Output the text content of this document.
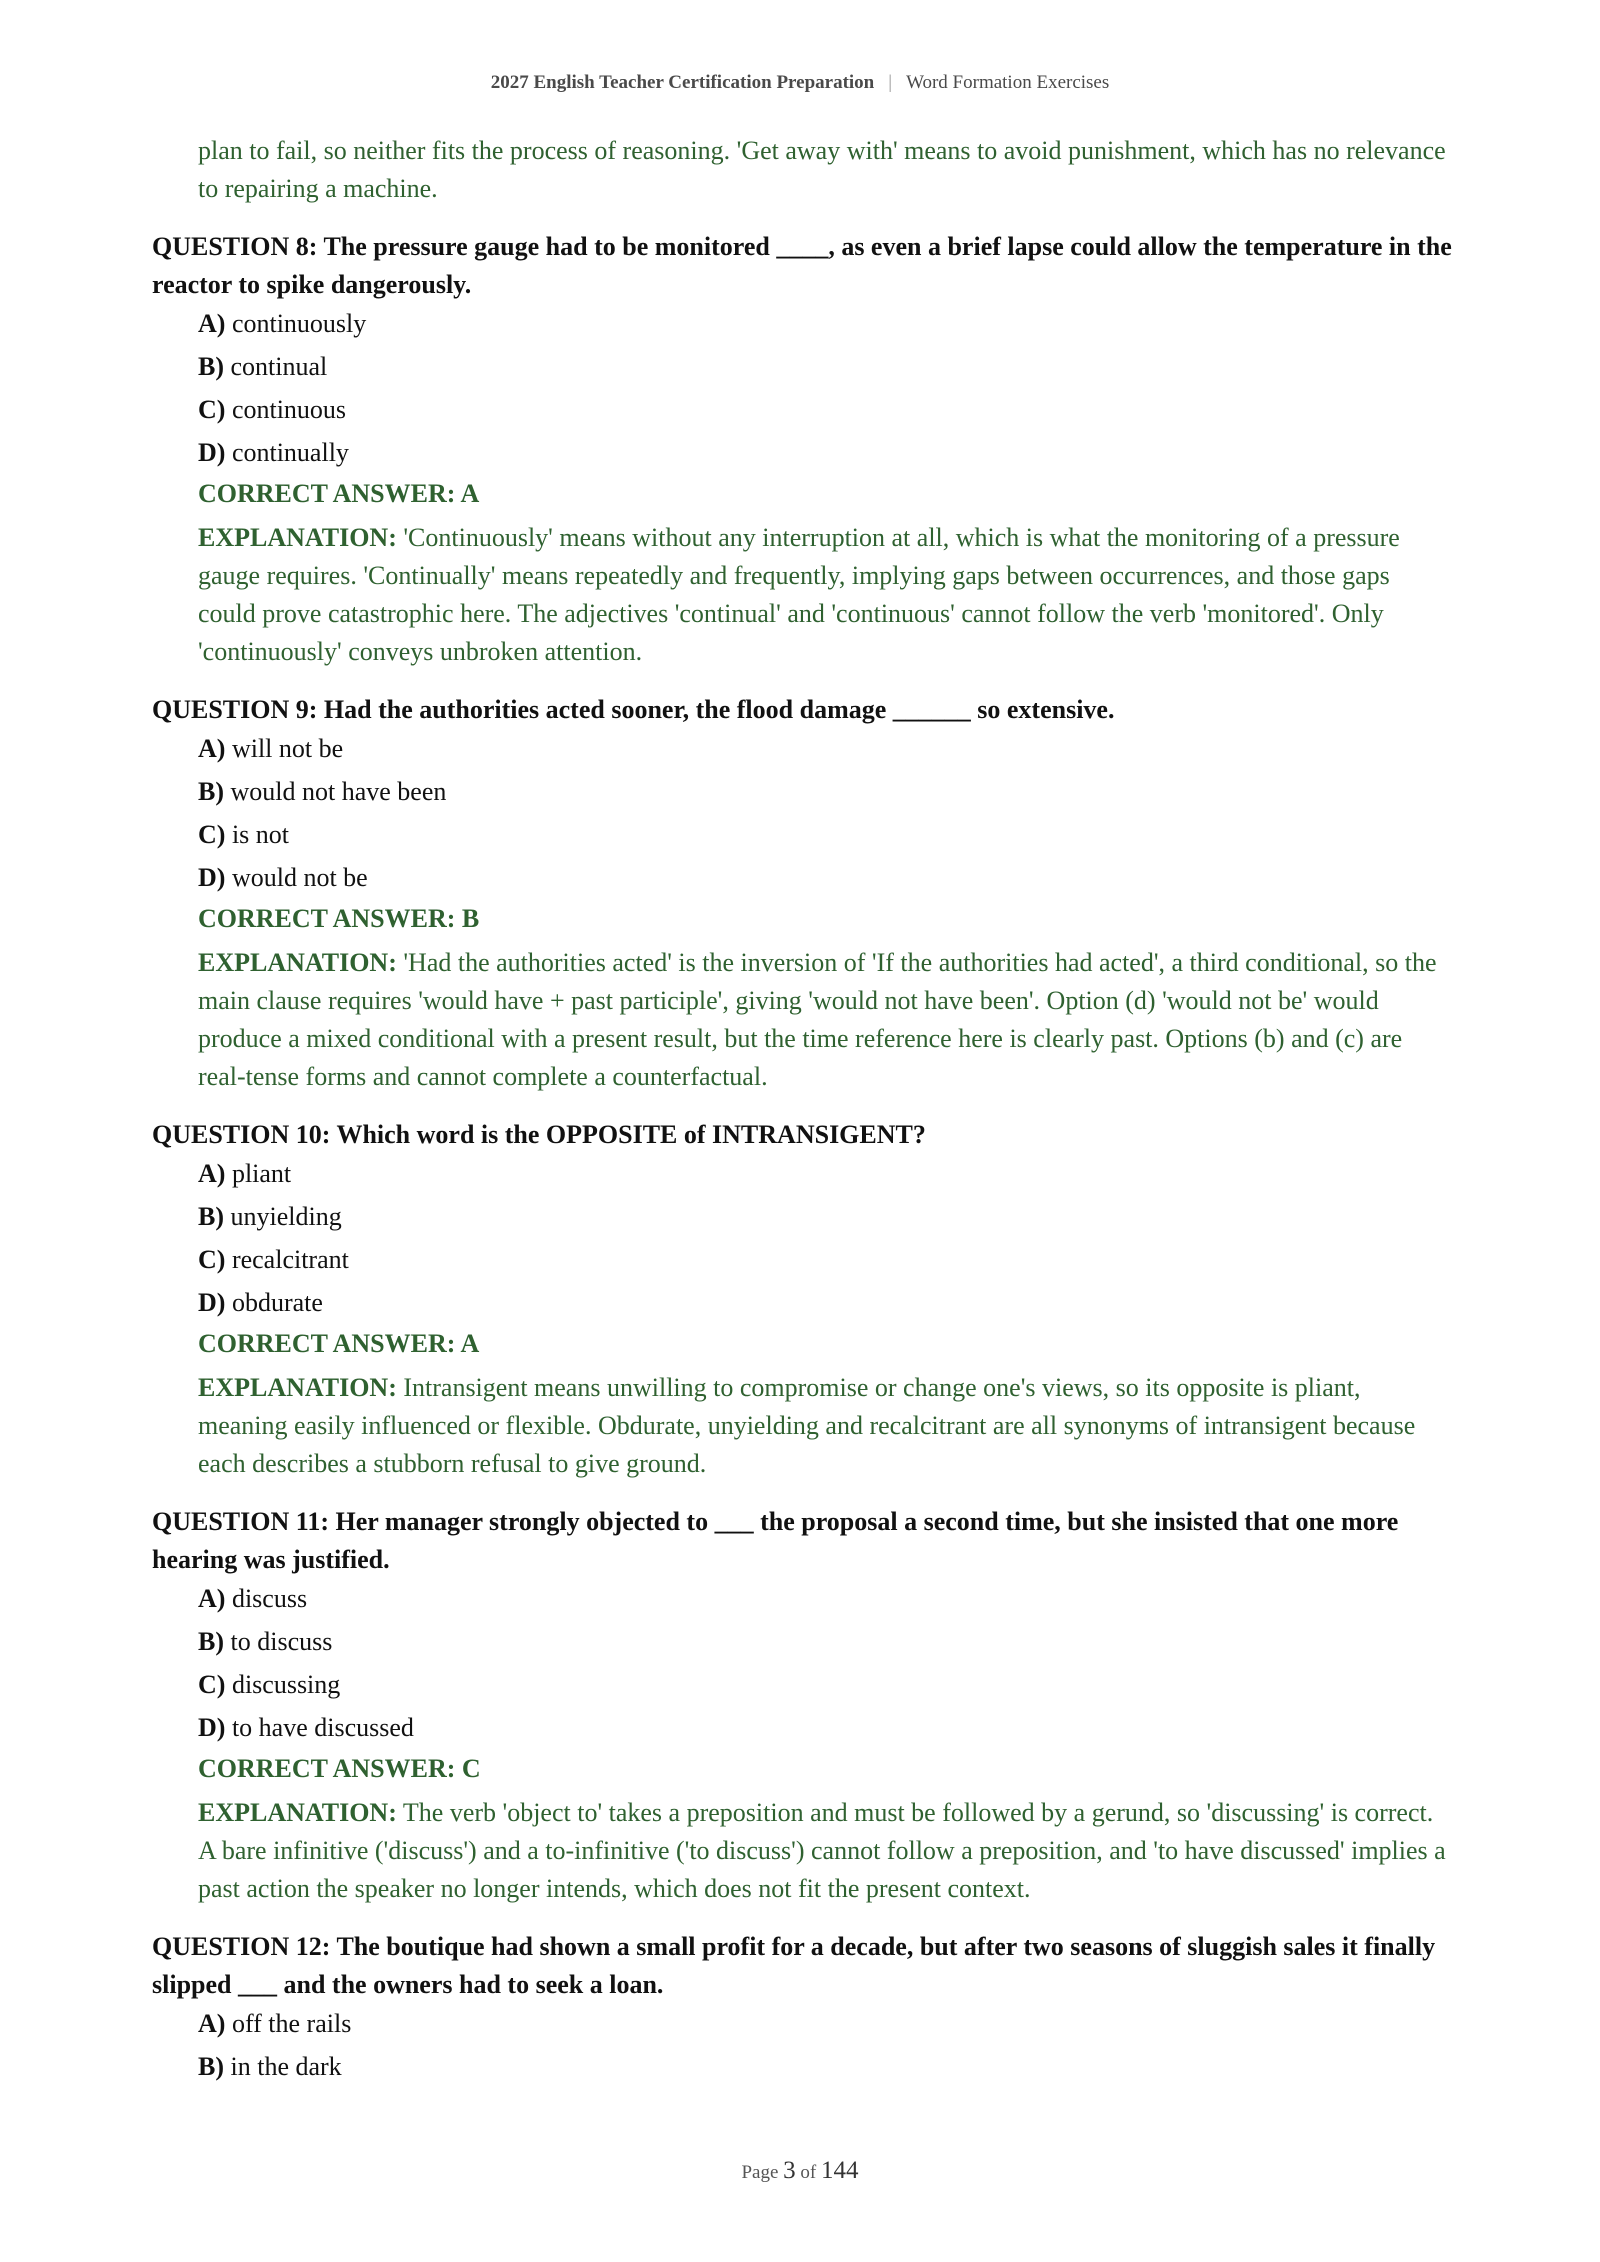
2027 English Teacher Certification Preparation | Word Formation Exercises
plan to fail, so neither fits the process of reasoning. 'Get away with' means to avoid punishment, which has no relevance to repairing a machine.
QUESTION 8: The pressure gauge had to be monitored ____, as even a brief lapse could allow the temperature in the reactor to spike dangerously.
A) continuously
B) continual
C) continuous
D) continually
CORRECT ANSWER: A
EXPLANATION: 'Continuously' means without any interruption at all, which is what the monitoring of a pressure gauge requires. 'Continually' means repeatedly and frequently, implying gaps between occurrences, and those gaps could prove catastrophic here. The adjectives 'continual' and 'continuous' cannot follow the verb 'monitored'. Only 'continuously' conveys unbroken attention.
QUESTION 9: Had the authorities acted sooner, the flood damage ______ so extensive.
A) will not be
B) would not have been
C) is not
D) would not be
CORRECT ANSWER: B
EXPLANATION: 'Had the authorities acted' is the inversion of 'If the authorities had acted', a third conditional, so the main clause requires 'would have + past participle', giving 'would not have been'. Option (d) 'would not be' would produce a mixed conditional with a present result, but the time reference here is clearly past. Options (b) and (c) are real-tense forms and cannot complete a counterfactual.
QUESTION 10: Which word is the OPPOSITE of INTRANSIGENT?
A) pliant
B) unyielding
C) recalcitrant
D) obdurate
CORRECT ANSWER: A
EXPLANATION: Intransigent means unwilling to compromise or change one's views, so its opposite is pliant, meaning easily influenced or flexible. Obdurate, unyielding and recalcitrant are all synonyms of intransigent because each describes a stubborn refusal to give ground.
QUESTION 11: Her manager strongly objected to ___ the proposal a second time, but she insisted that one more hearing was justified.
A) discuss
B) to discuss
C) discussing
D) to have discussed
CORRECT ANSWER: C
EXPLANATION: The verb 'object to' takes a preposition and must be followed by a gerund, so 'discussing' is correct. A bare infinitive ('discuss') and a to-infinitive ('to discuss') cannot follow a preposition, and 'to have discussed' implies a past action the speaker no longer intends, which does not fit the present context.
QUESTION 12: The boutique had shown a small profit for a decade, but after two seasons of sluggish sales it finally slipped ___ and the owners had to seek a loan.
A) off the rails
B) in the dark
Page 3 of 144
